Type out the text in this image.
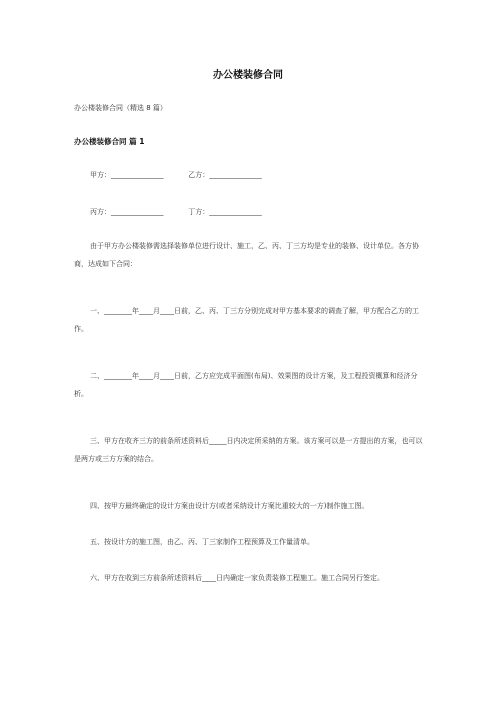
办公楼装修合同
办公楼装修合同（精选 8 篇）
办公楼装修合同 篇 1
甲方：_______________	乙方：_______________
丙方：_______________	丁方：_______________
由于甲方办公楼装修需选择装修单位进行设计、施工，乙、丙、丁三方均是专业的装修、设计单位。各方协商，达成如下合同：
一、________年____月____日前，乙、丙、丁三方分别完成对甲方基本要求的调查了解，甲方配合乙方的工作。
二、________年____月____日前，乙方应完成平面图(布局)、效果图的设计方案，及工程投资概算和经济分析。
三、甲方在收齐三方的前条所述资料后_____日内决定所采纳的方案。该方案可以是一方提出的方案，也可以是两方或三方方案的结合。
四、按甲方最终确定的设计方案由设计方(或者采纳设计方案比重较大的一方)制作施工图。
五、按设计方的施工图，由乙、丙、丁三家制作工程预算及工作量清单。
六、甲方在收到三方前条所述资料后____日内确定一家负责装修工程施工。施工合同另行签定。
